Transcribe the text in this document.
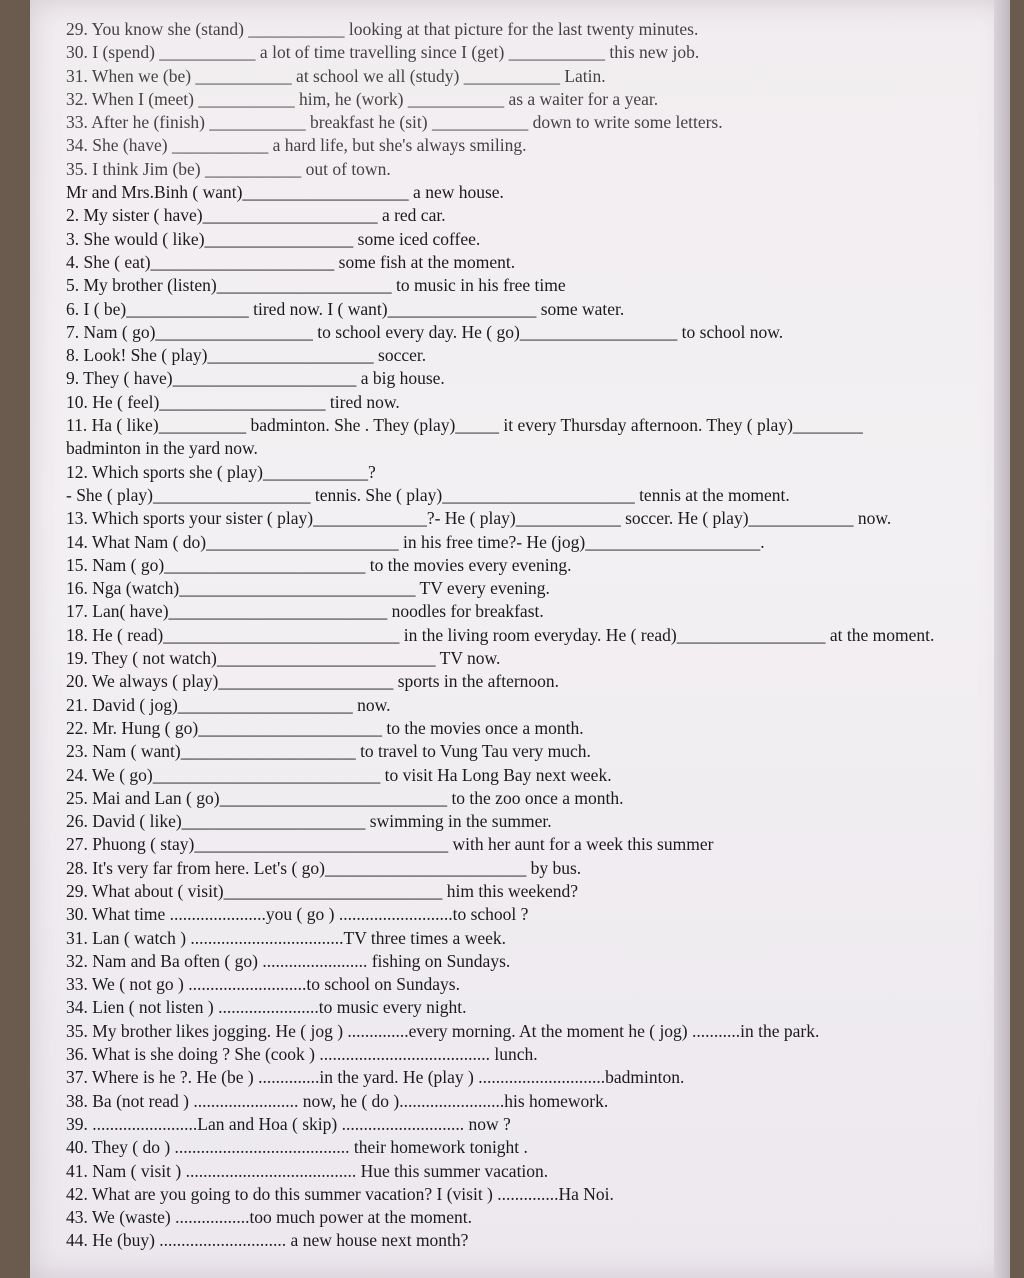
29. You know she (stand) ___________ looking at that picture for the last twenty minutes.
30. I (spend) ___________ a lot of time travelling since I (get) ___________ this new job.
31. When we (be) ___________ at school we all (study) ___________ Latin.
32. When I (meet) ___________ him, he (work) ___________ as a waiter for a year.
33. After he (finish) ___________ breakfast he (sit) ___________ down to write some letters.
34. She (have) ___________ a hard life, but she's always smiling.
35. I think Jim (be) ___________ out of town.
Mr and Mrs.Binh ( want)___________________ a new house.
2. My sister ( have)____________________ a red car.
3. She would ( like)_________________ some iced coffee.
4. She ( eat)_____________________ some fish at the moment.
5. My brother (listen)____________________ to music in his free time
6. I ( be)______________ tired now. I ( want)_________________ some water.
7. Nam ( go)__________________ to school every day. He ( go)__________________ to school now.
8. Look! She ( play)___________________ soccer.
9. They ( have)_____________________ a big house.
10. He ( feel)___________________ tired now.
11. Ha ( like)__________ badminton. She . They (play)_____ it every Thursday afternoon. They ( play)________
badminton in the yard now.
12. Which sports she ( play)____________?
- She ( play)__________________ tennis. She ( play)______________________ tennis at the moment.
13. Which sports your sister ( play)_____________?- He ( play)____________ soccer. He ( play)____________ now.
14. What Nam ( do)______________________ in his free time?- He (jog)____________________.
15. Nam ( go)_______________________ to the movies every evening.
16. Nga (watch)___________________________ TV every evening.
17. Lan( have)_________________________ noodles for breakfast.
18. He ( read)___________________________ in the living room everyday. He ( read)_________________ at the moment.
19. They ( not watch)_________________________ TV now.
20. We always ( play)____________________ sports in the afternoon.
21. David ( jog)____________________ now.
22. Mr. Hung ( go)_____________________ to the movies once a month.
23. Nam ( want)____________________ to travel to Vung Tau very much.
24. We ( go)__________________________ to visit Ha Long Bay next week.
25. Mai and Lan ( go)__________________________ to the zoo once a month.
26. David ( like)_____________________ swimming in the summer.
27. Phuong ( stay)_____________________________ with her aunt for a week this summer
28. It's very far from here. Let's ( go)_______________________ by bus.
29. What about ( visit)_________________________ him this weekend?
30. What time ......................you ( go ) ..........................to school ?
31. Lan ( watch ) ...................................TV three times a week.
32. Nam and Ba often ( go) ........................ fishing on Sundays.
33. We ( not go ) ...........................to school on Sundays.
34. Lien ( not listen ) .......................to music every night.
35. My brother likes jogging. He ( jog ) ..............every morning. At the moment he ( jog) ...........in the park.
36. What is she doing ? She (cook ) ....................................... lunch.
37. Where is he ?. He (be ) ..............in the yard. He (play ) .............................badminton.
38. Ba (not read ) ........................ now, he ( do )........................his homework.
39. ........................Lan and Hoa ( skip) ............................ now ?
40. They ( do ) ........................................ their homework tonight .
41. Nam ( visit ) ....................................... Hue this summer vacation.
42. What are you going to do this summer vacation? I (visit ) ..............Ha Noi.
43. We (waste) .................too much power at the moment.
44. He (buy) ............................. a new house next month?
